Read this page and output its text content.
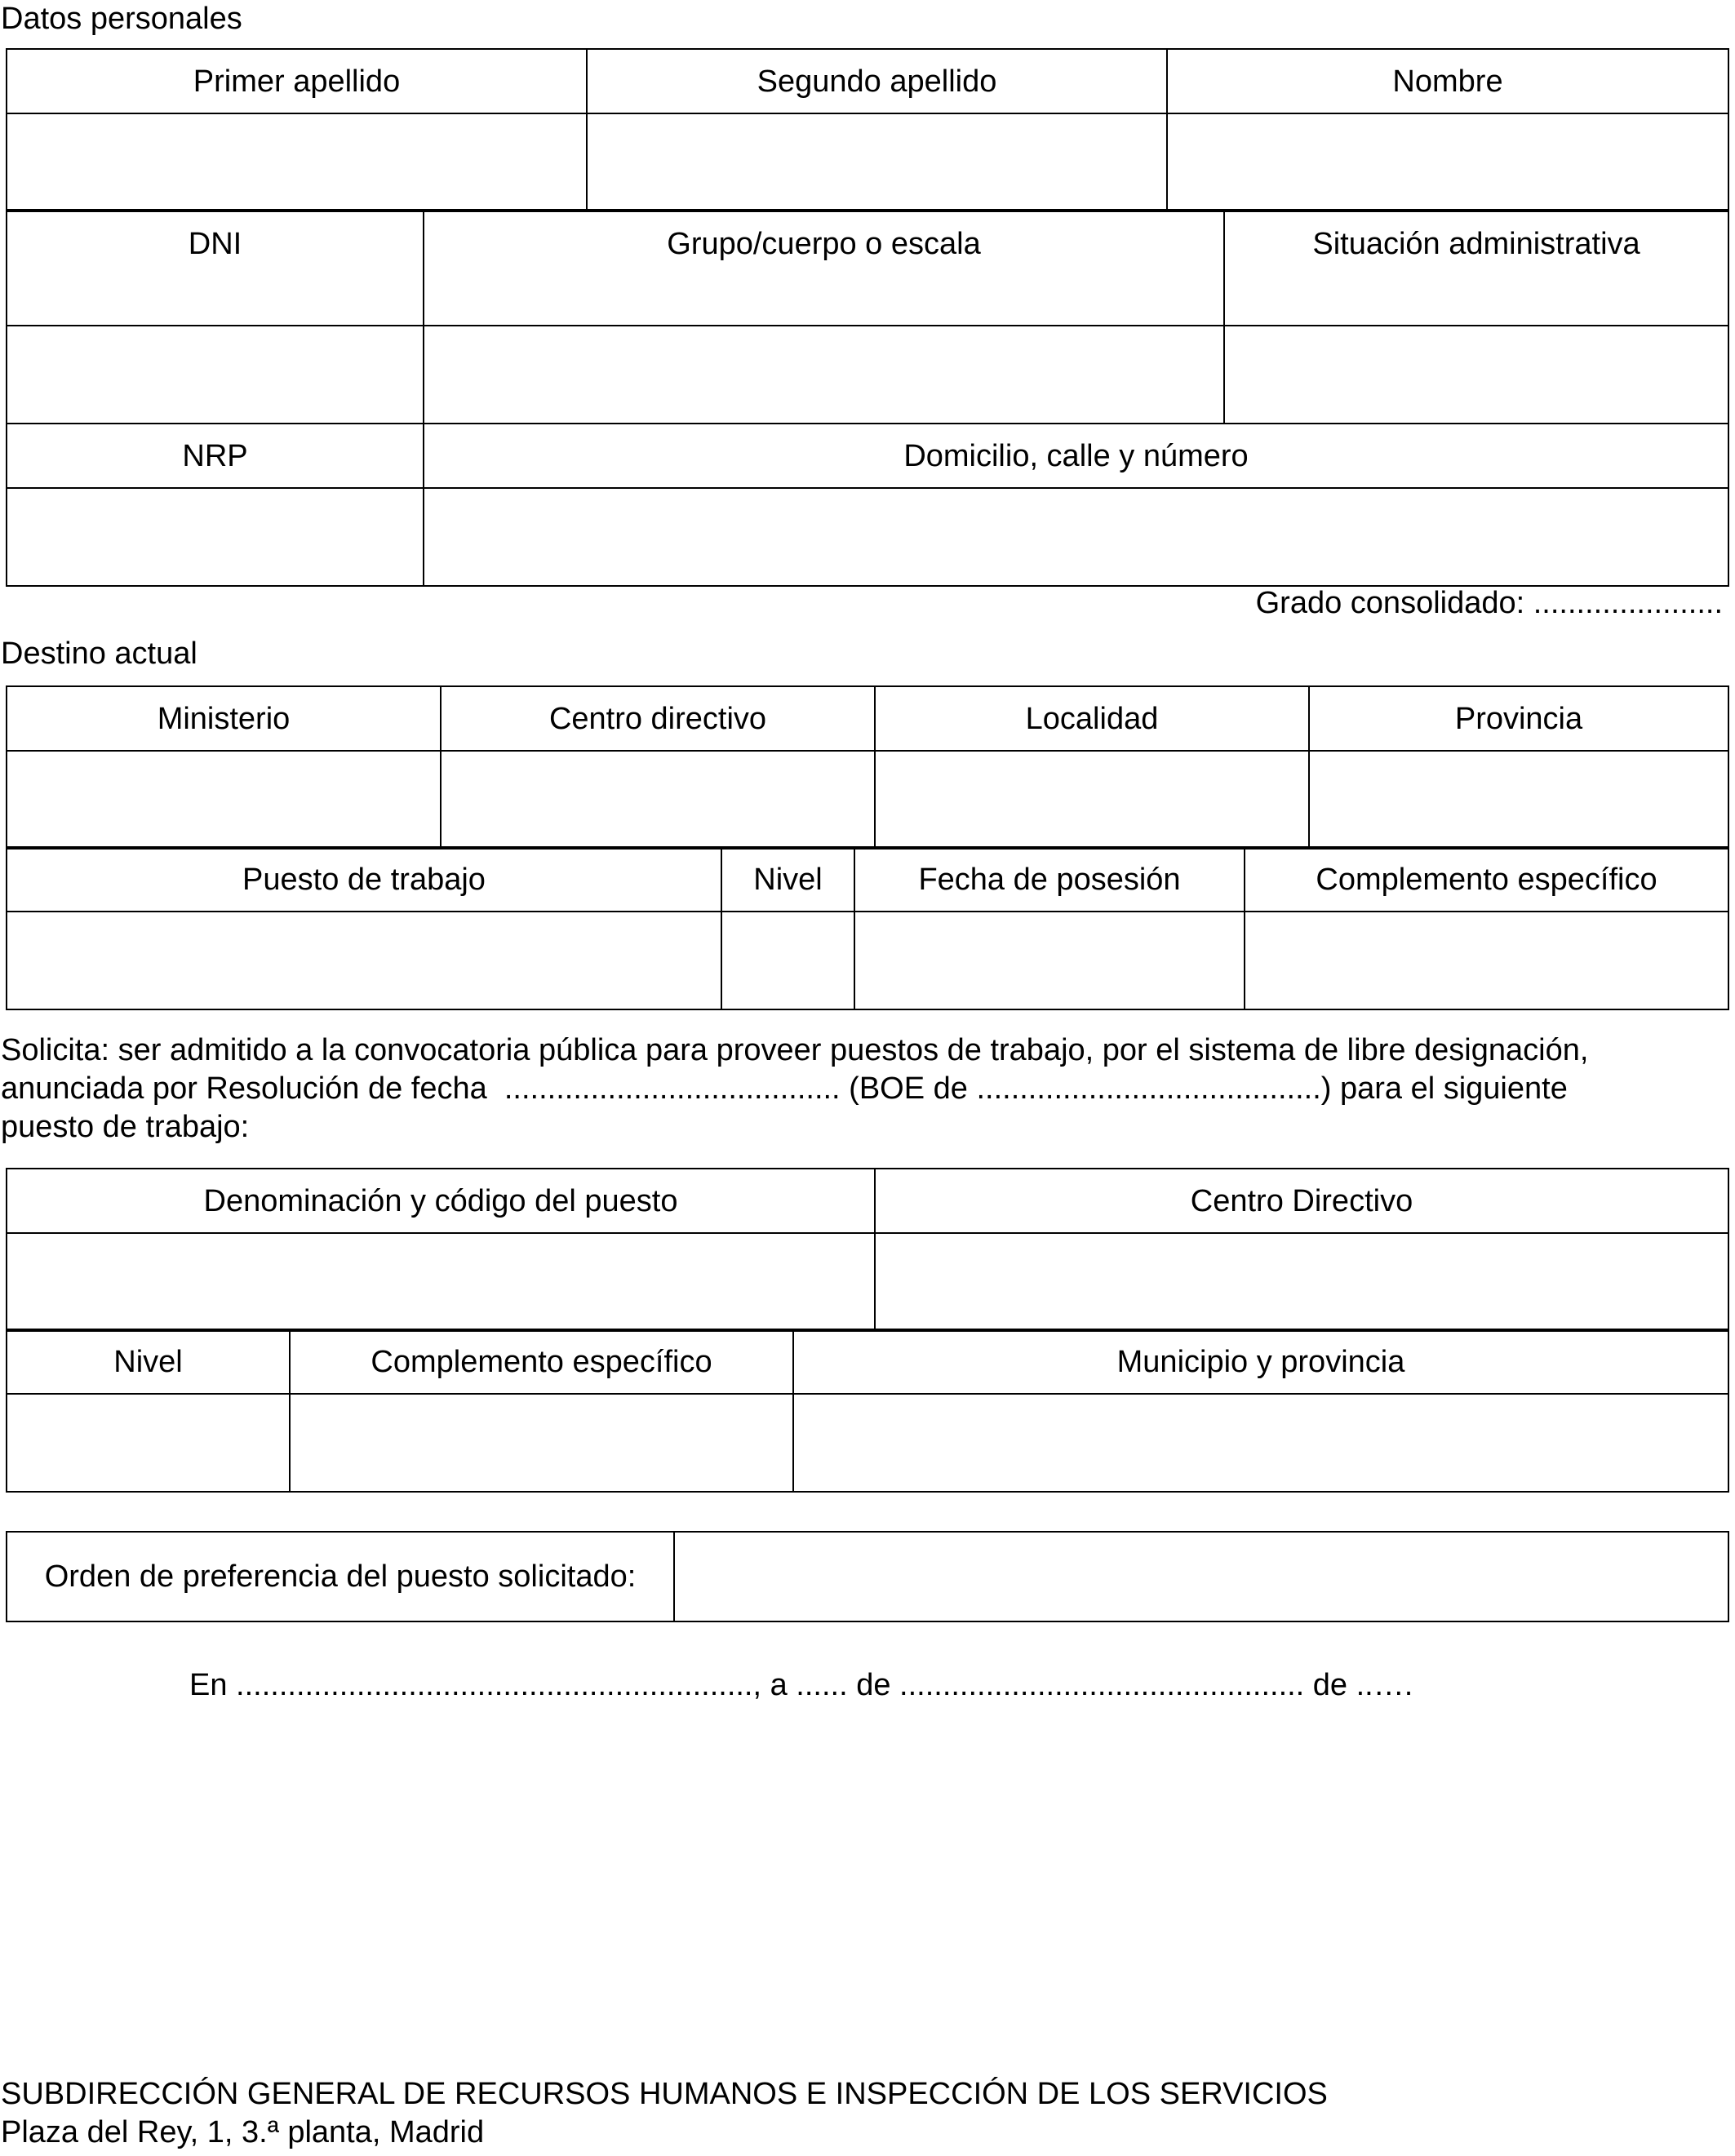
Datos personales
Primer apellido	Segundo apellido	Nombre

DNI	Grupo/cuerpo o escala	Situación administrativa

NRP	Domicilio, calle y número	

Grado consolidado: ......................
Destino actual
Ministerio	Centro directivo	Localidad	Provincia

Puesto de trabajo	Nivel	Fecha de posesión	Complemento específico

Solicita: ser admitido a la convocatoria pública para proveer puestos de trabajo, por el sistema de libre designación,
anunciada por Resolución de fecha  ....................................... (BOE de ........................................) para el siguiente
puesto de trabajo:
Denominación y código del puesto	Centro Directivo

Nivel	Complemento específico	Municipio y provincia

Orden de preferencia del puesto solicitado:	
En ............................................................, a ...... de ............................................... de ..….
SUBDIRECCIÓN GENERAL DE RECURSOS HUMANOS E INSPECCIÓN DE LOS SERVICIOS
Plaza del Rey, 1, 3.ª planta, Madrid
